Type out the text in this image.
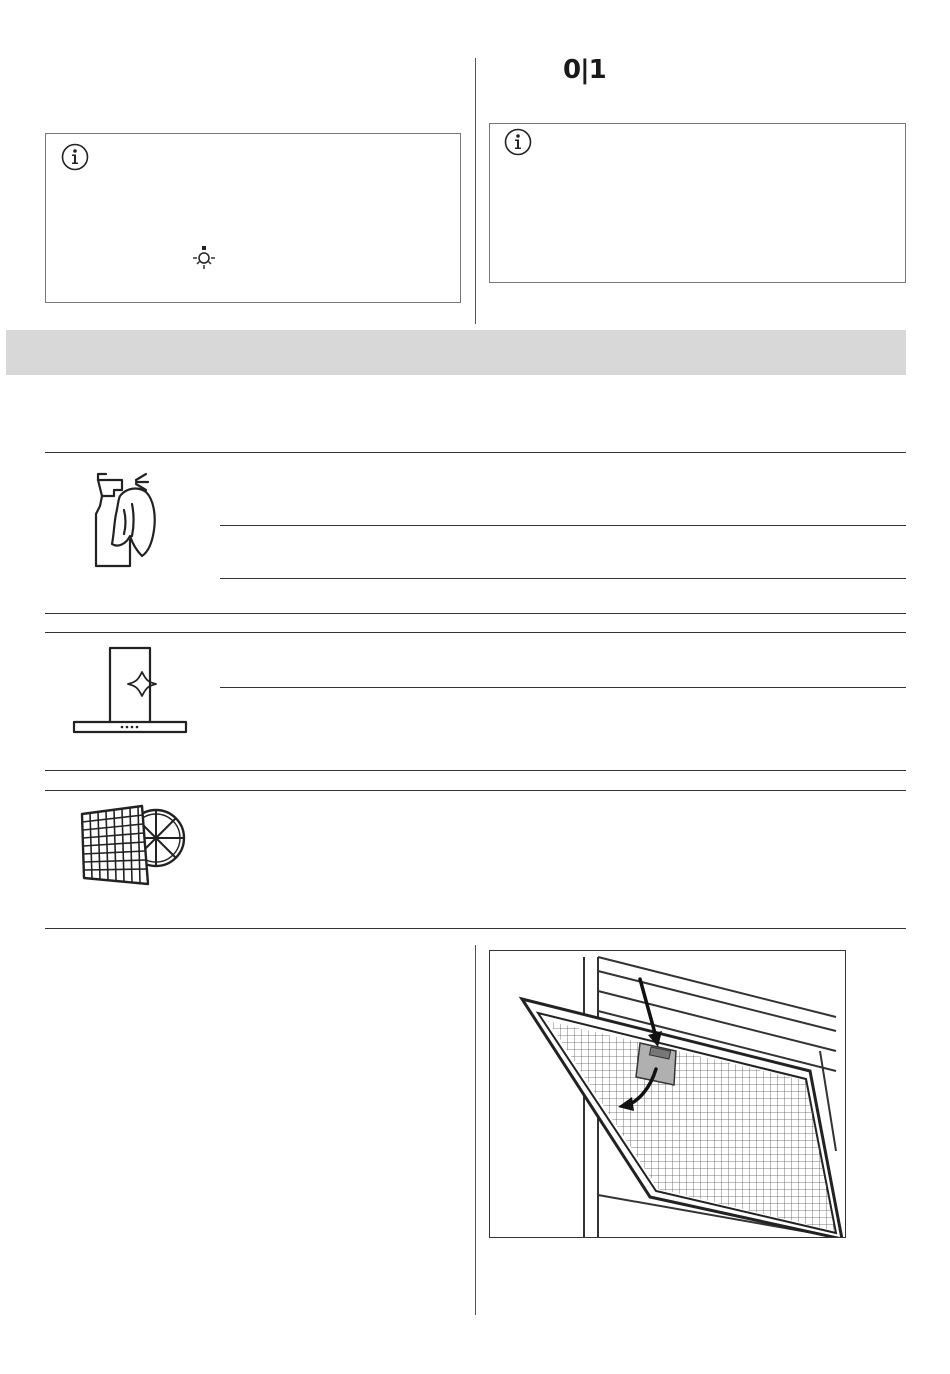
0|1
